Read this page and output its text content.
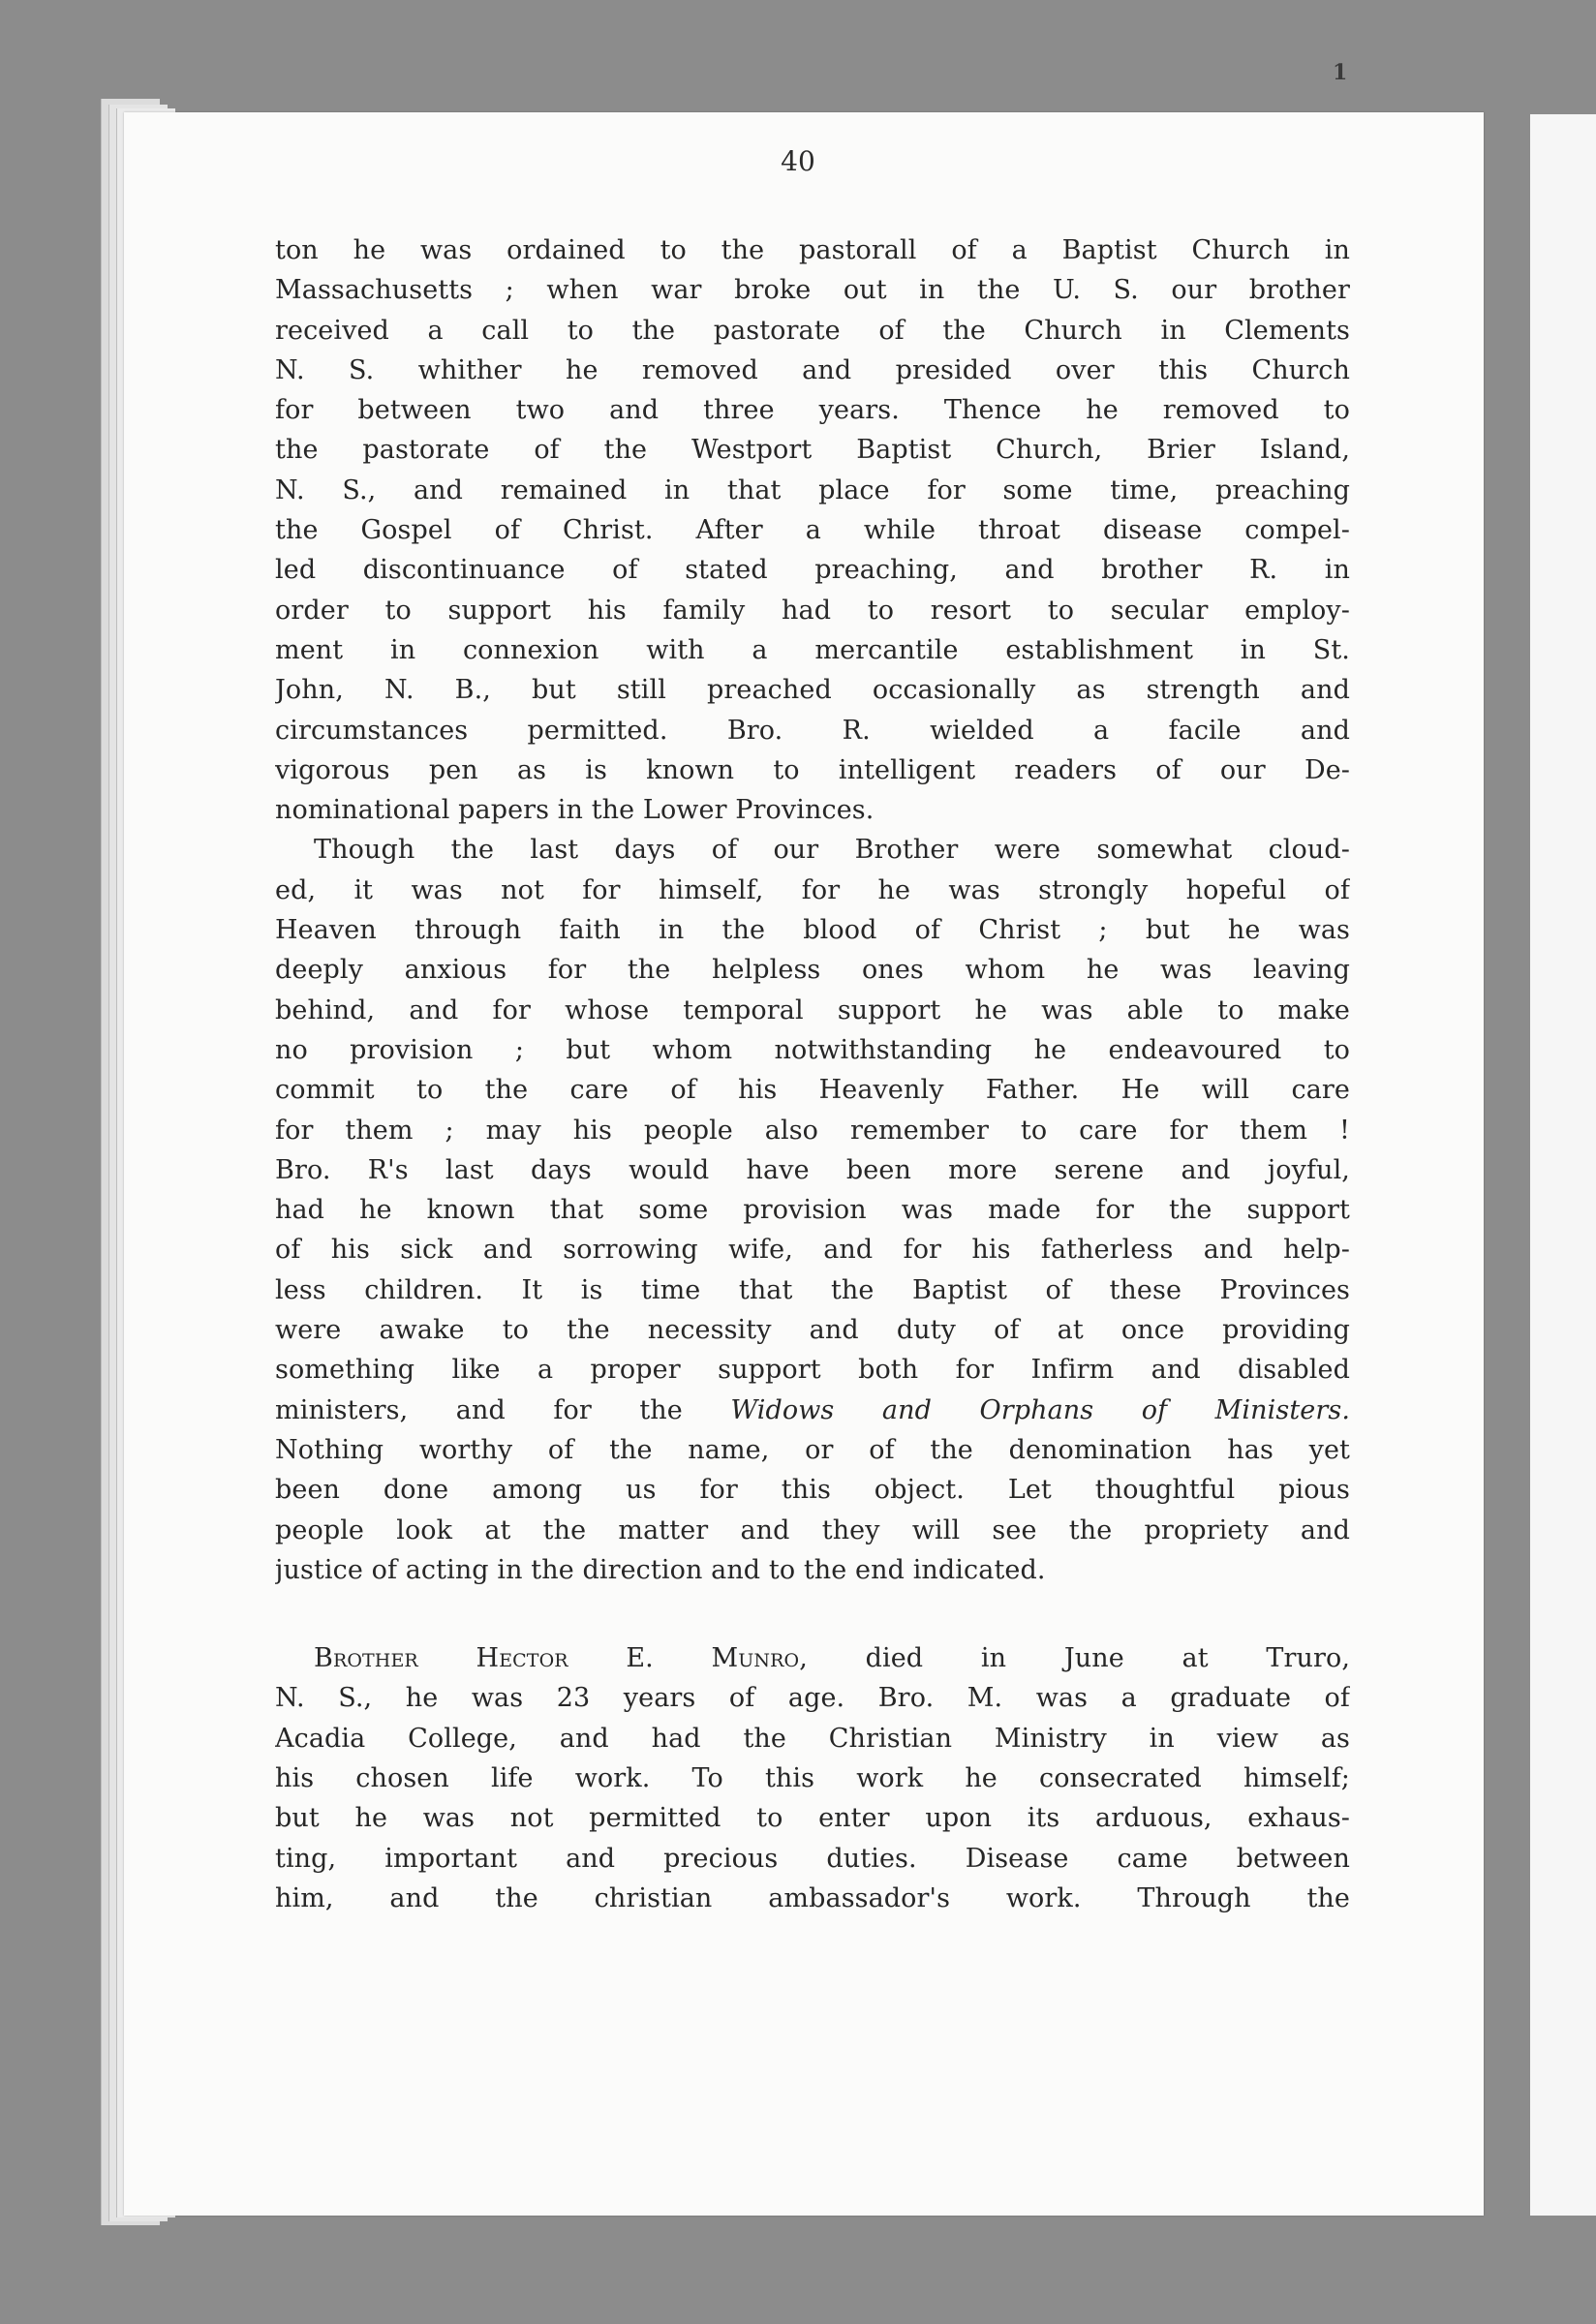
1
40
ton he was ordained to the pastorall of a Baptist Church in
Massachusetts ; when war broke out in the U. S. our brother
received a call to the pastorate of the Church in Clements
N. S. whither he removed and presided over this Church
for between two and three years. Thence he removed to
the pastorate of the Westport Baptist Church, Brier Island,
N. S., and remained in that place for some time, preaching
the Gospel of Christ. After a while throat disease compel-
led discontinuance of stated preaching, and brother R. in
order to support his family had to resort to secular employ-
ment in connexion with a mercantile establishment in St.
John, N. B., but still preached occasionally as strength and
circumstances permitted. Bro. R. wielded a facile and
vigorous pen as is known to intelligent readers of our De-
nominational papers in the Lower Provinces.
Though the last days of our Brother were somewhat cloud-
ed, it was not for himself, for he was strongly hopeful of
Heaven through faith in the blood of Christ ; but he was
deeply anxious for the helpless ones whom he was leaving
behind, and for whose temporal support he was able to make
no provision ; but whom notwithstanding he endeavoured to
commit to the care of his Heavenly Father. He will care
for them ; may his people also remember to care for them !
Bro. R's last days would have been more serene and joyful,
had he known that some provision was made for the support
of his sick and sorrowing wife, and for his fatherless and help-
less children. It is time that the Baptist of these Provinces
were awake to the necessity and duty of at once providing
something like a proper support both for Infirm and disabled
ministers, and for the Widows and Orphans of Ministers.
Nothing worthy of the name, or of the denomination has yet
been done among us for this object. Let thoughtful pious
people look at the matter and they will see the propriety and
justice of acting in the direction and to the end indicated.
Brother Hector E. Munro, died in June at Truro,
N. S., he was 23 years of age. Bro. M. was a graduate of
Acadia College, and had the Christian Ministry in view as
his chosen life work. To this work he consecrated himself;
but he was not permitted to enter upon its arduous, exhaus-
ting, important and precious duties. Disease came between
him, and the christian ambassador's work. Through the
